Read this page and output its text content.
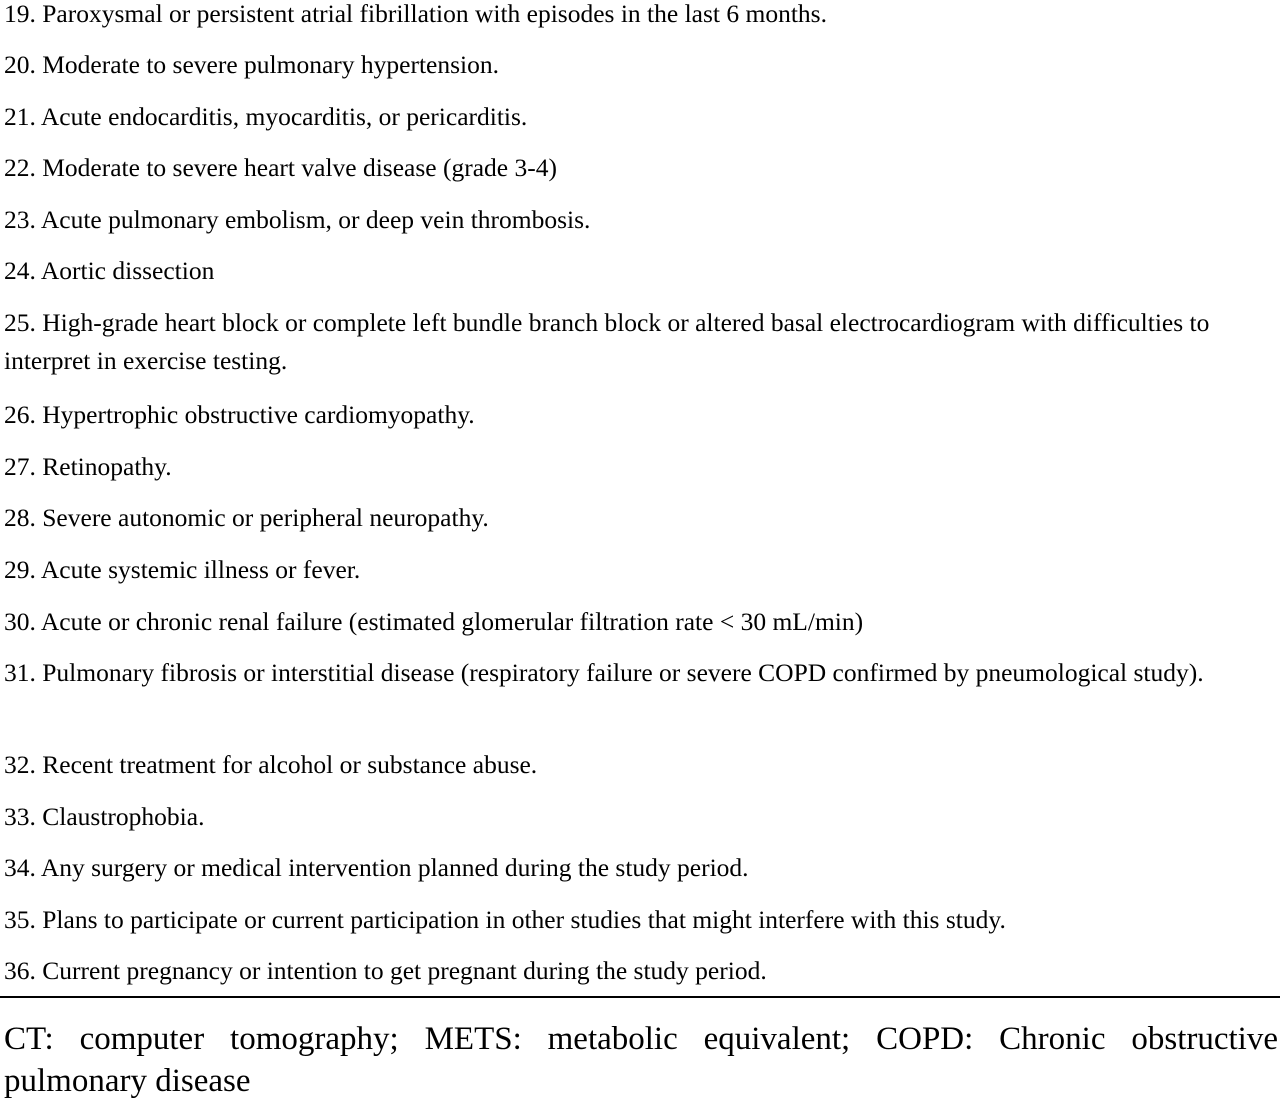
19. Paroxysmal or persistent atrial fibrillation with episodes in the last 6 months.
20. Moderate to severe pulmonary hypertension.
21. Acute endocarditis, myocarditis, or pericarditis.
22. Moderate to severe heart valve disease (grade 3-4)
23. Acute pulmonary embolism, or deep vein thrombosis.
24. Aortic dissection
25. High-grade heart block or complete left bundle branch block or altered basal electrocardiogram with difficulties to interpret in exercise testing.
26. Hypertrophic obstructive cardiomyopathy.
27. Retinopathy.
28. Severe autonomic or peripheral neuropathy.
29. Acute systemic illness or fever.
30. Acute or chronic renal failure (estimated glomerular filtration rate < 30 mL/min)
31. Pulmonary fibrosis or interstitial disease (respiratory failure or severe COPD confirmed by pneumological study).
32. Recent treatment for alcohol or substance abuse.
33. Claustrophobia.
34. Any surgery or medical intervention planned during the study period.
35. Plans to participate or current participation in other studies that might interfere with this study.
36. Current pregnancy or intention to get pregnant during the study period.
CT: computer tomography; METS: metabolic equivalent; COPD: Chronic obstructive pulmonary disease
